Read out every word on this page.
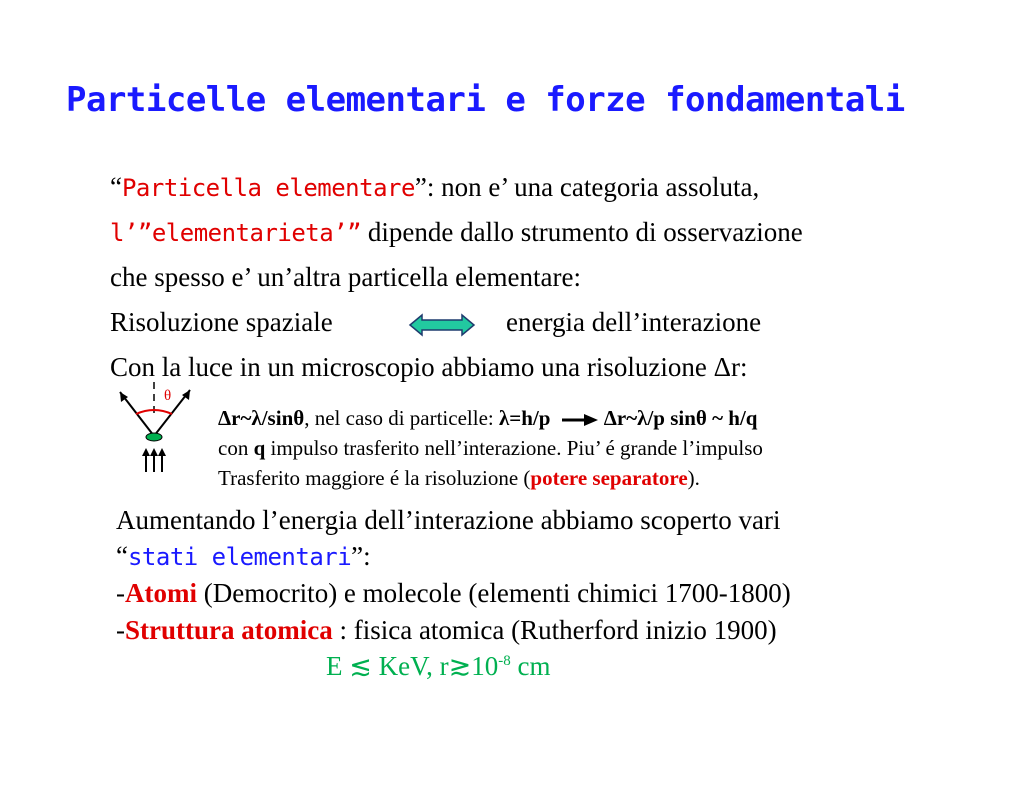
Particelle elementari e forze fondamentali
“Particella elementare”: non e’ una categoria assoluta,
l’”elementarieta’” dipende dallo strumento di osservazione
che spesso e’ un’altra particella elementare:
Risoluzione spaziale	energia dell’interazione
Con la luce in un microscopio abbiamo una risoluzione Δr:
θ
Δr~λ/sinθ, nel caso di particelle: λ=h/p	Δr~λ/p sinθ ~ h/q
con q impulso trasferito nell’interazione. Piu’ é grande l’impulso
Trasferito maggiore é la risoluzione (potere separatore).
Aumentando l’energia dell’interazione abbiamo scoperto vari
“stati elementari”:
-Atomi (Democrito) e molecole (elementi chimici 1700-1800)
-Struttura atomica : fisica atomica (Rutherford inizio 1900)
E ≲ KeV, $r≳10^{-8}$ cm
